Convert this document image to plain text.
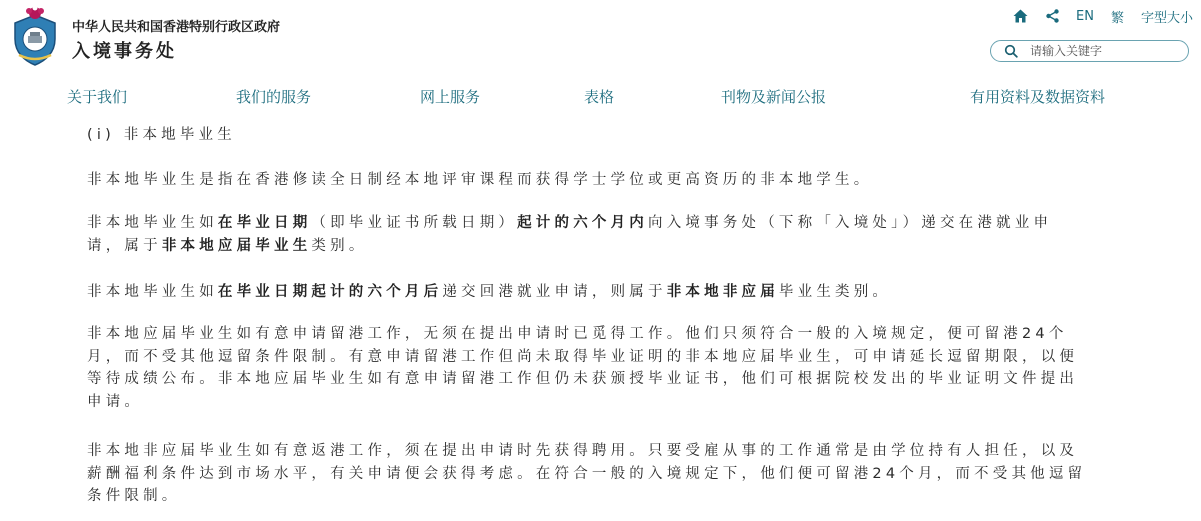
中华人民共和国香港特别行政区政府
入境事务处
EN 繁 字型大小
请输入关键字
关于我们	我们的服务	网上服务	表格	刊物及新闻公报	有用资料及数据资料

(i) 非本地毕业生

非本地毕业生是指在香港修读全日制经本地评审课程而获得学士学位或更高资历的非本地学生。

非本地毕业生如在毕业日期（即毕业证书所载日期）起计的六个月内向入境事务处（下称「入境处」）递交在港就业申请，属于非本地应届毕业生类别。

非本地毕业生如在毕业日期起计的六个月后递交回港就业申请，则属于非本地非应届毕业生类别。

非本地应届毕业生如有意申请留港工作，无须在提出申请时已觅得工作。他们只须符合一般的入境规定，便可留港24个月，而不受其他逗留条件限制。有意申请留港工作但尚未取得毕业证明的非本地应届毕业生，可申请延长逗留期限，以便等待成绩公布。非本地应届毕业生如有意申请留港工作但仍未获颁授毕业证书，他们可根据院校发出的毕业证明文件提出申请。

非本地非应届毕业生如有意返港工作，须在提出申请时先获得聘用。只要受雇从事的工作通常是由学位持有人担任，以及薪酬福利条件达到市场水平，有关申请便会获得考虑。在符合一般的入境规定下，他们便可留港24个月，而不受其他逗留条件限制。
